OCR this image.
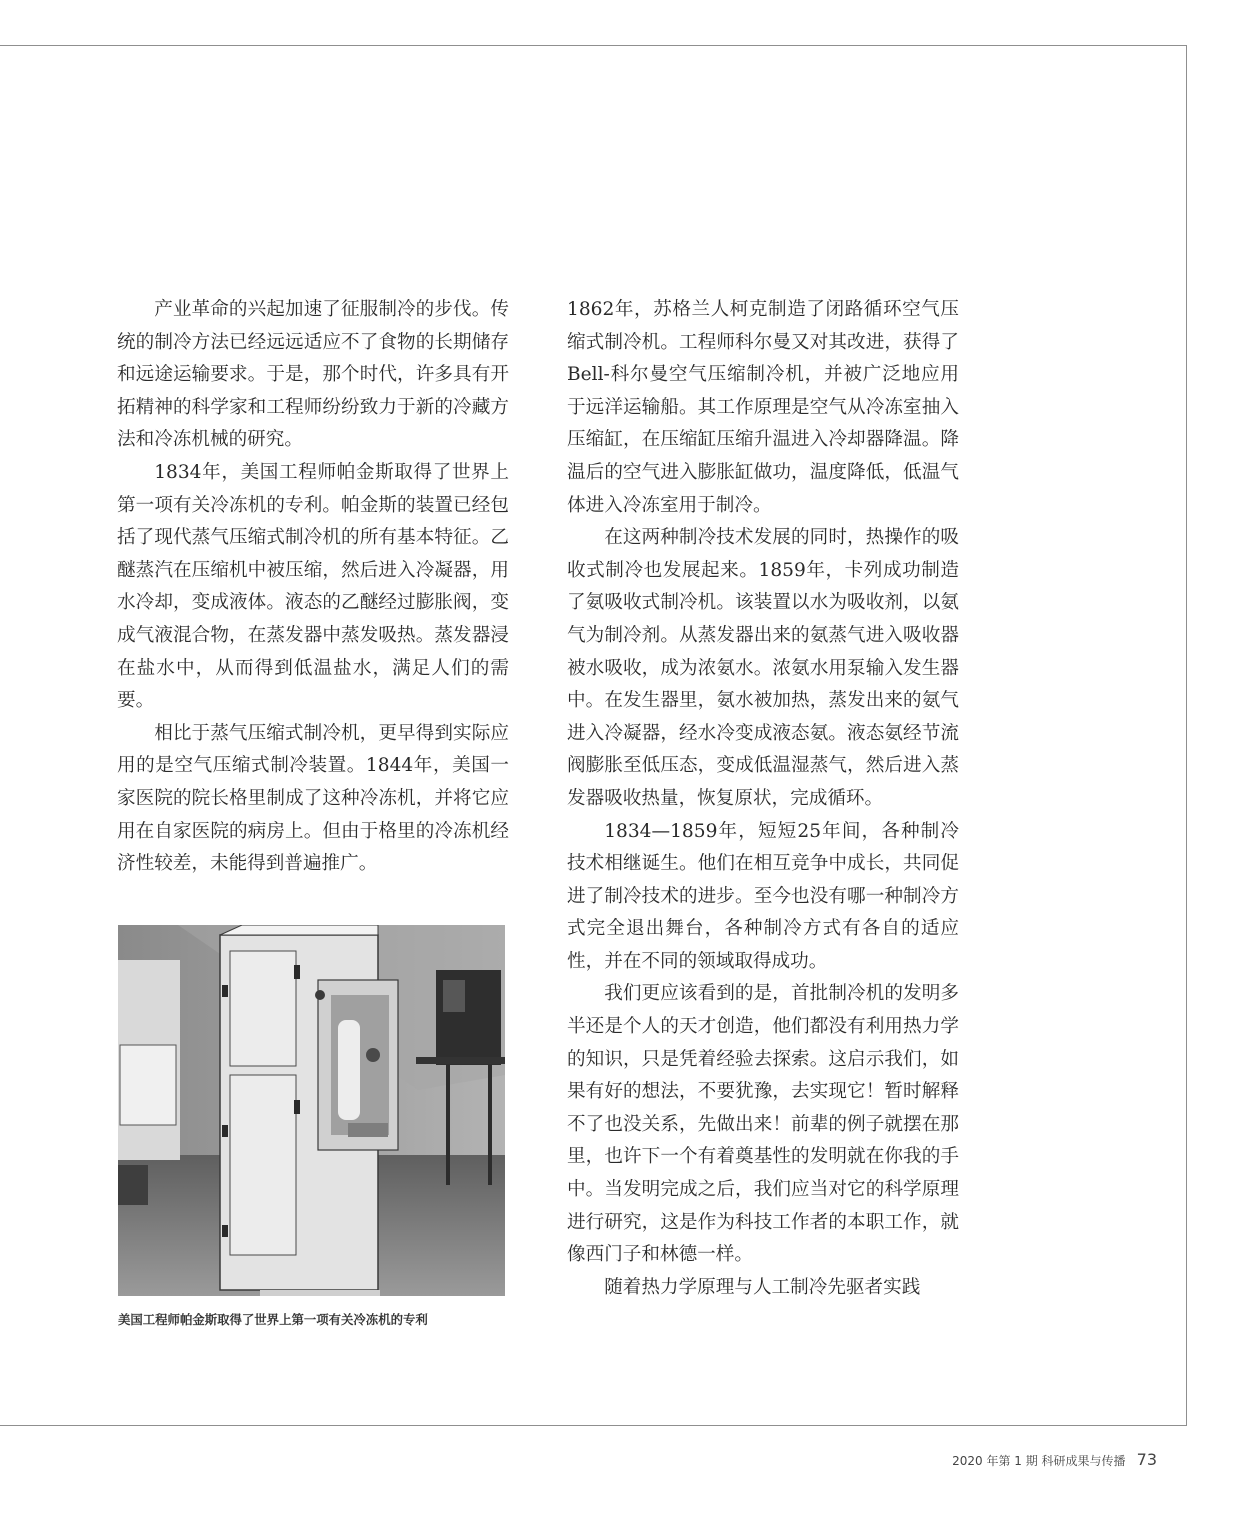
产业革命的兴起加速了征服制冷的步伐。传统的制冷方法已经远远适应不了食物的长期储存和远途运输要求。于是，那个时代，许多具有开拓精神的科学家和工程师纷纷致力于新的冷藏方法和冷冻机械的研究。

1834年，美国工程师帕金斯取得了世界上第一项有关冷冻机的专利。帕金斯的装置已经包括了现代蒸气压缩式制冷机的所有基本特征。乙醚蒸汽在压缩机中被压缩，然后进入冷凝器，用水冷却，变成液体。液态的乙醚经过膨胀阀，变成气液混合物，在蒸发器中蒸发吸热。蒸发器浸在盐水中，从而得到低温盐水，满足人们的需要。

相比于蒸气压缩式制冷机，更早得到实际应用的是空气压缩式制冷装置。1844年，美国一家医院的院长格里制成了这种冷冻机，并将它应用在自家医院的病房上。但由于格里的冷冻机经济性较差，未能得到普遍推广。

美国工程师帕金斯取得了世界上第一项有关冷冻机的专利

1862年，苏格兰人柯克制造了闭路循环空气压缩式制冷机。工程师科尔曼又对其改进，获得了Bell-科尔曼空气压缩制冷机，并被广泛地应用于远洋运输船。其工作原理是空气从冷冻室抽入压缩缸，在压缩缸压缩升温进入冷却器降温。降温后的空气进入膨胀缸做功，温度降低，低温气体进入冷冻室用于制冷。

在这两种制冷技术发展的同时，热操作的吸收式制冷也发展起来。1859年，卡列成功制造了氨吸收式制冷机。该装置以水为吸收剂，以氨气为制冷剂。从蒸发器出来的氨蒸气进入吸收器被水吸收，成为浓氨水。浓氨水用泵输入发生器中。在发生器里，氨水被加热，蒸发出来的氨气进入冷凝器，经水冷变成液态氨。液态氨经节流阀膨胀至低压态，变成低温湿蒸气，然后进入蒸发器吸收热量，恢复原状，完成循环。

1834—1859年，短短25年间，各种制冷技术相继诞生。他们在相互竞争中成长，共同促进了制冷技术的进步。至今也没有哪一种制冷方式完全退出舞台，各种制冷方式有各自的适应性，并在不同的领域取得成功。

我们更应该看到的是，首批制冷机的发明多半还是个人的天才创造，他们都没有利用热力学的知识，只是凭着经验去探索。这启示我们，如果有好的想法，不要犹豫，去实现它！暂时解释不了也没关系，先做出来！前辈的例子就摆在那里，也许下一个有着奠基性的发明就在你我的手中。当发明完成之后，我们应当对它的科学原理进行研究，这是作为科技工作者的本职工作，就像西门子和林德一样。

随着热力学原理与人工制冷先驱者实践

2020 年第 1 期 科研成果与传播 73
